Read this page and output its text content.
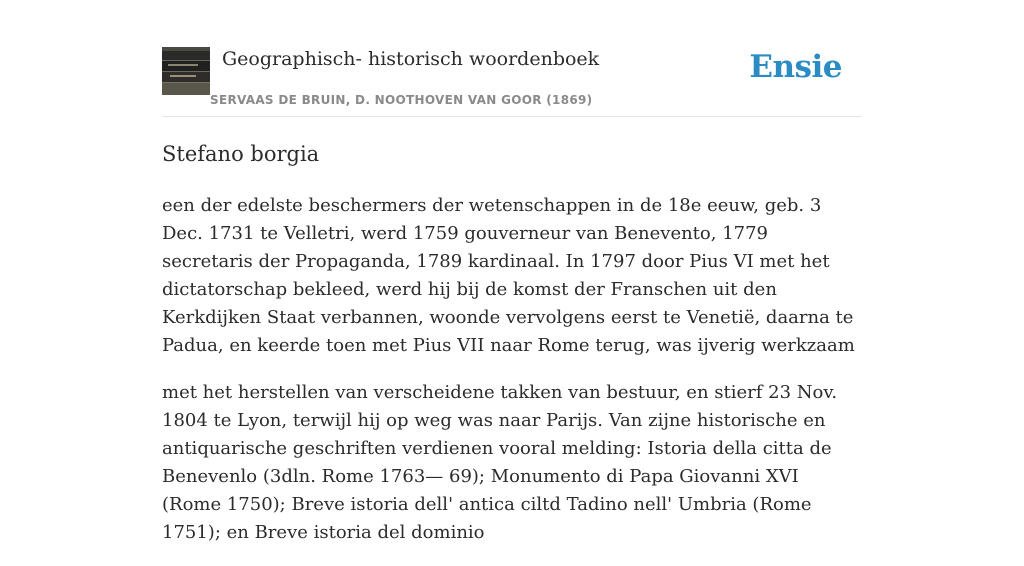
Geographisch- historisch woordenboek
SERVAAS DE BRUIN, D. NOOTHOVEN VAN GOOR (1869)
Ensie
Stefano borgia

een der edelste beschermers der wetenschappen in de 18e eeuw, geb. 3 Dec. 1731 te Velletri, werd 1759 gouverneur van Benevento, 1779 secretaris der Propaganda, 1789 kardinaal. In 1797 door Pius VI met het dictatorschap bekleed, werd hij bij de komst der Franschen uit den Kerkdijken Staat verbannen, woonde vervolgens eerst te Venetië, daarna te Padua, en keerde toen met Pius VII naar Rome terug, was ijverig werkzaam

met het herstellen van verscheidene takken van bestuur, en stierf 23 Nov. 1804 te Lyon, terwijl hij op weg was naar Parijs. Van zijne historische en antiquarische geschriften verdienen vooral melding: Istoria della citta de Benevenlo (3dln. Rome 1763— 69); Monumento di Papa Giovanni XVI (Rome 1750); Breve istoria dell' antica ciltd Tadino nell' Umbria (Rome 1751); en Breve istoria del dominio
